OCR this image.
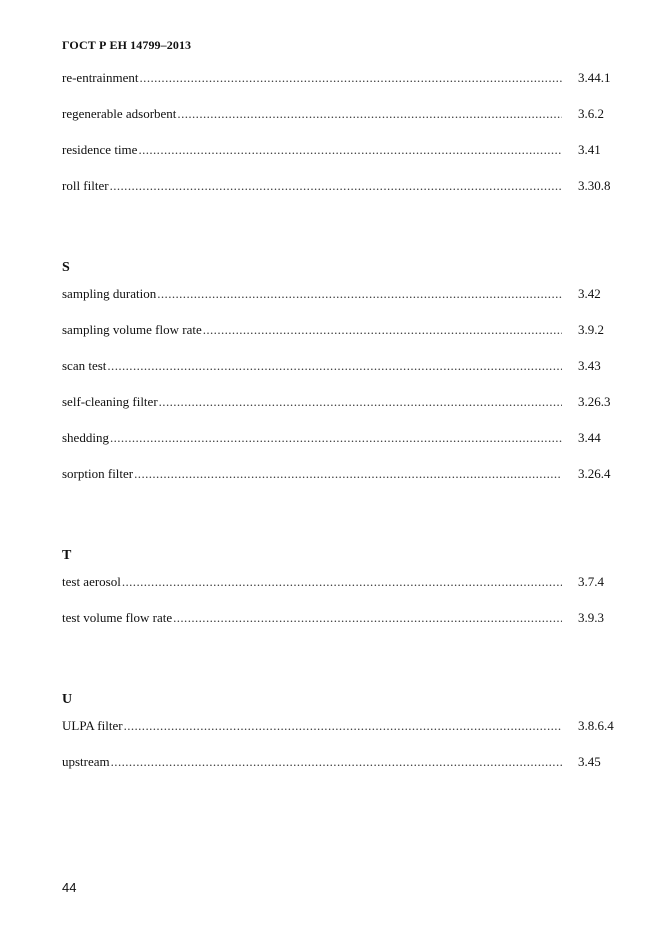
ГОСТ Р ЕН 14799–2013
re-entrainment .....	3.44.1
regenerable adsorbent .....	3.6.2
residence time .....	3.41
roll filter .....	3.30.8
S
sampling duration .....	3.42
sampling volume flow rate .....	3.9.2
scan test .....	3.43
self-cleaning filter .....	3.26.3
shedding .....	3.44
sorption filter .....	3.26.4
T
test aerosol .....	3.7.4
test volume flow rate .....	3.9.3
U
ULPA filter .....	3.8.6.4
upstream .....	3.45
44
